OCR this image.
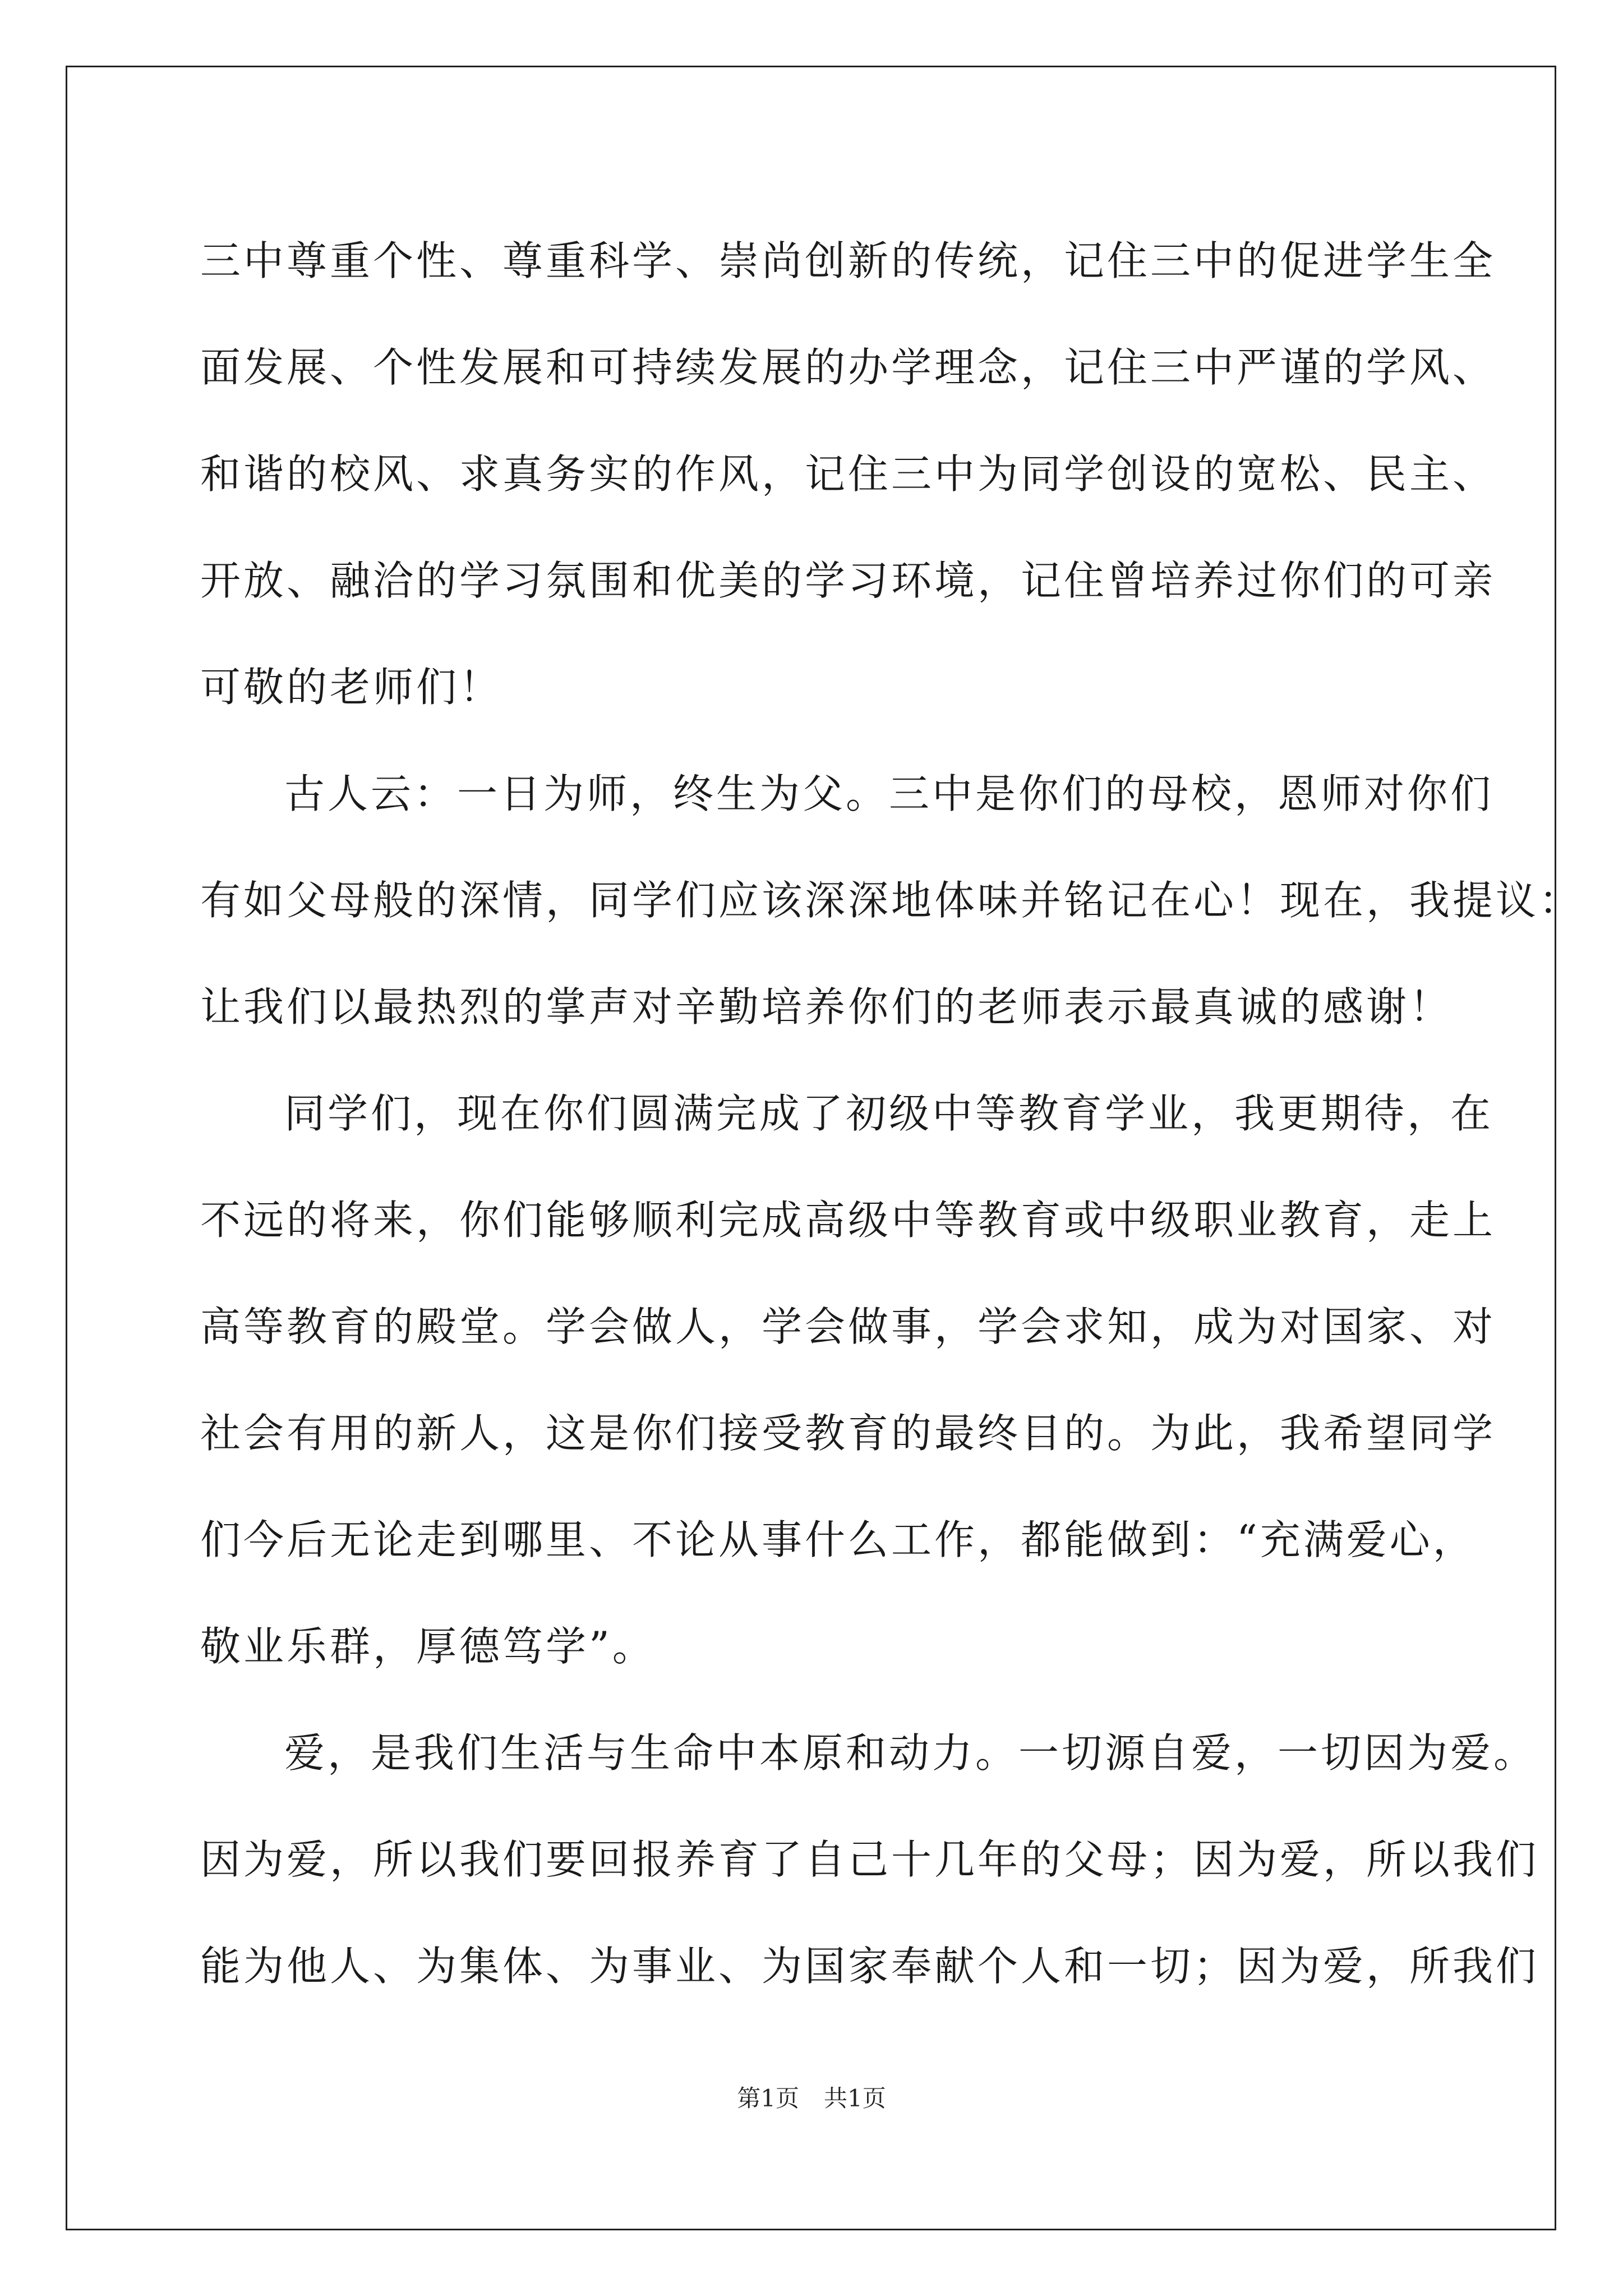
三中尊重个性、尊重科学、崇尚创新的传统，记住三中的促进学生全
面发展、个性发展和可持续发展的办学理念，记住三中严谨的学风、
和谐的校风、求真务实的作风，记住三中为同学创设的宽松、民主、
开放、融洽的学习氛围和优美的学习环境，记住曾培养过你们的可亲
可敬的老师们！
古人云：一日为师，终生为父。三中是你们的母校，恩师对你们
有如父母般的深情，同学们应该深深地体味并铭记在心！现在，我提议：
让我们以最热烈的掌声对辛勤培养你们的老师表示最真诚的感谢！
同学们，现在你们圆满完成了初级中等教育学业，我更期待，在
不远的将来，你们能够顺利完成高级中等教育或中级职业教育，走上
高等教育的殿堂。学会做人，学会做事，学会求知，成为对国家、对
社会有用的新人，这是你们接受教育的最终目的。为此，我希望同学
们今后无论走到哪里、不论从事什么工作，都能做到：“充满爱心，
敬业乐群，厚德笃学”。
爱，是我们生活与生命中本原和动力。一切源自爱，一切因为爱。
因为爱，所以我们要回报养育了自己十几年的父母；因为爱，所以我们
能为他人、为集体、为事业、为国家奉献个人和一切；因为爱，所我们
第1页 共1页
